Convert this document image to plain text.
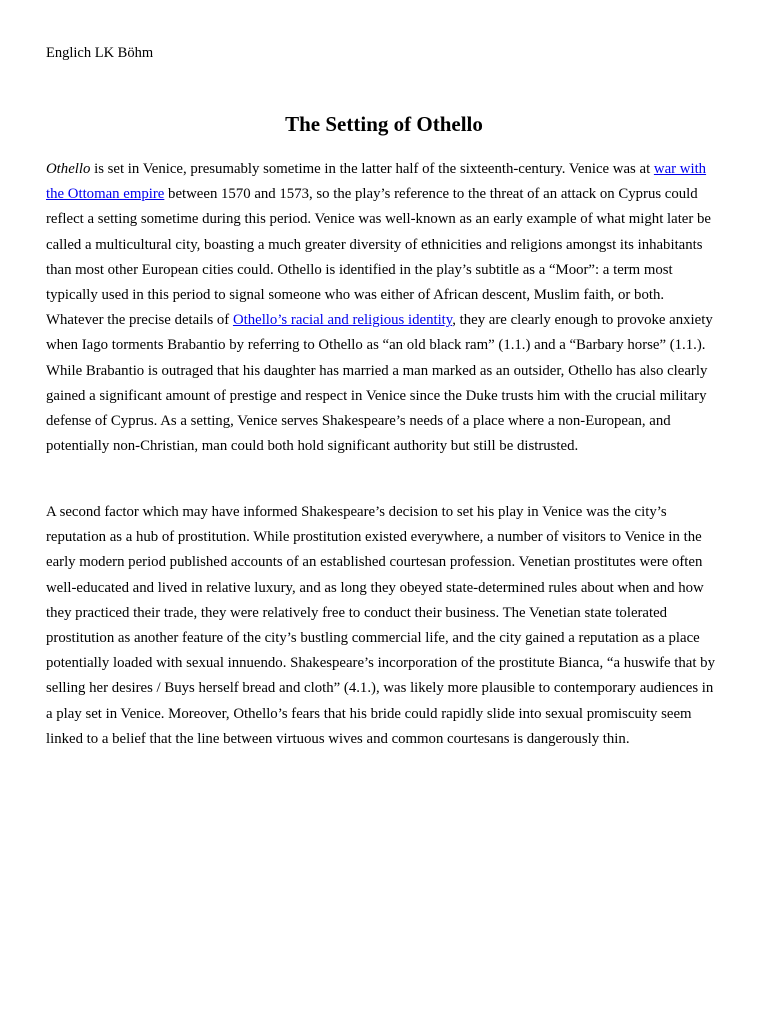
Englich LK Böhm
The Setting of Othello

Othello is set in Venice, presumably sometime in the latter half of the sixteenth-century. Venice was at war with the Ottoman empire between 1570 and 1573, so the play’s reference to the threat of an attack on Cyprus could reflect a setting sometime during this period. Venice was well-known as an early example of what might later be called a multicultural city, boasting a much greater diversity of ethnicities and religions amongst its inhabitants than most other European cities could. Othello is identified in the play’s subtitle as a “Moor”: a term most typically used in this period to signal someone who was either of African descent, Muslim faith, or both. Whatever the precise details of Othello’s racial and religious identity, they are clearly enough to provoke anxiety when Iago torments Brabantio by referring to Othello as “an old black ram” (1.1.) and a “Barbary horse” (1.1.). While Brabantio is outraged that his daughter has married a man marked as an outsider, Othello has also clearly gained a significant amount of prestige and respect in Venice since the Duke trusts him with the crucial military defense of Cyprus. As a setting, Venice serves Shakespeare’s needs of a place where a non-European, and potentially non-Christian, man could both hold significant authority but still be distrusted.

A second factor which may have informed Shakespeare’s decision to set his play in Venice was the city’s reputation as a hub of prostitution. While prostitution existed everywhere, a number of visitors to Venice in the early modern period published accounts of an established courtesan profession. Venetian prostitutes were often well-educated and lived in relative luxury, and as long they obeyed state-determined rules about when and how they practiced their trade, they were relatively free to conduct their business. The Venetian state tolerated prostitution as another feature of the city’s bustling commercial life, and the city gained a reputation as a place potentially loaded with sexual innuendo. Shakespeare’s incorporation of the prostitute Bianca, “a huswife that by selling her desires / Buys herself bread and cloth” (4.1.), was likely more plausible to contemporary audiences in a play set in Venice. Moreover, Othello’s fears that his bride could rapidly slide into sexual promiscuity seem linked to a belief that the line between virtuous wives and common courtesans is dangerously thin.
